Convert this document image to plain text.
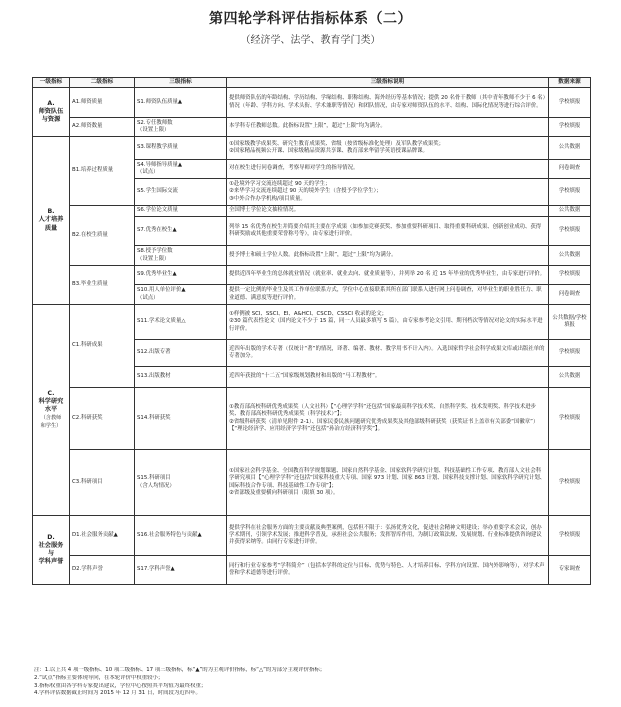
第四轮学科评估指标体系（二）
（经济学、法学、教育学门类）
一级指标	二级指标	三级指标	三级指标说明	数据来源
A.
师资队伍
与资源	A1.师资质量	S1.师资队伍质量▲	提供师资队伍的年龄结构、学历结构、学缘结构、职称结构、海外经历等基本情况；提供 20 名骨干教师（其中青年教师不少于 6 名）情况（年龄、学科方向、学术头衔、学术兼职等情况）和团队情况，由专家对师资队伍的水平、结构、国际化情况等进行综合评价。	学校填报
	A2.师资数量	S2.专任教师数
（设置上限）	本学科专任教师总数。此指标设置“上限”，超过“上限”均为满分。	学校填报
B.
人才培养
质量	B1.培养过程质量	S3.课程教学质量	①国家级教学成果奖、研究生教育成果奖、省级（按省级标准化处理）及军队教学成果奖；
②国家精品视频公开课、国家级精品资源共享课、教育部来华留学英语授课品牌课。	公共数据
		S4.导师指导质量▲
（试点）	对在校生进行问卷调查，考察导师对学生的指导情况。	问卷调查
		S5.学生国际交流	①赴境外学习交流连续超过 90 天的学生；
②来华学习交流连续超过 90 天的境外学生（含授予学位学生）；
③中外合作办学机构/项目质量。	学校填报
	B2.在校生质量	S6.学位论文质量	全国博士学位论文抽检情况。	公共数据
		S7.优秀在校生▲	列举 15 名优秀在校生并简要介绍其主要在学成果（如参加竞赛获奖、参加重要科研项目、取得重要科研成果、创新创业成功、获得科研奖励或其他重要荣誉称号等），由专家进行评价。	学校填报
		S8.授予学位数
（设置上限）	授予博士和硕士学位人数。此指标设置“上限”，超过“上限”均为满分。	公共数据
	B3.毕业生质量	S9.优秀毕业生▲	提供近四年毕业生的总体就业情况（就业率、就业去向、就业质量等），并列举 20 名 近 15 年毕业的优秀毕业生，由专家进行评价。	学校填报
		S10.用人单位评价▲
（试点）	提供一定比例的毕业生及其工作单位联系方式，学位中心直接联系其所在部门联系人进行网上问卷调查，对毕业生的职业胜任力、职业道德、满意度等进行评价。	问卷调查
C.
科学研究
水平
（含教师
和学生）	C1.科研成果	S11.学术论文质量△	①样例被 SCI、SSCI、EI、A&HCI、CSCD、CSSCI 收录的论文；
②30 篇代表性论文（国内论文不少于 15 篇，同一人员最多填写 5 篇），由专家参考论文引用、期刊档次等情况对论文的实际水平进行评价。	公共数据/学校填报
		S12.出版专著	近四年出版的学术专著（仅统计“著”的情况，译著、编著、教材、教学用书不计入内）。入选国家哲学社会科学成果文库或出版社单的专著加分。	学校填报
		S13.出版教材	近四年获批的“十二五”国家级规划教材和出版的“马工程教材”。	公共数据
	C2.科研获奖	S14.科研获奖	①教育部高校科研优秀成果奖（人文社科）【“心理学学科”还包括“国家最高科学技术奖、自然科学奖、技术发明奖、科学技术进步奖、教育部高校科研优秀成果奖（科学技术）”】；
②省级科研获奖（清单见附件 2-1）、国家民委民族问题研究优秀成果奖及其他部级科研获奖（获奖证书上盖章有关部委“国徽章”）【“理论经济学、应用经济学学科”还包括“孙冶方经济科学奖”】。	学校填报
	C3.科研项目	S15.科研项目
（含人均情况）	①国家社会科学基金、全国教育科学规划课题、国家自然科学基金、国家软科学研究计划、科技基础性工作专项、教育部人文社会科学研究项目【“心理学学科”还包括“国家科技重大专项、国家 973 计划、国家 863 计划、国家科技支撑计划、国家软科学研究计划、国际科技合作专项、科技基础性工作专项”】；
②省部级及重要横向科研项目（限填 30 项）。	学校填报
D.
社会服务
与
学科声誉	D1.社会服务贡献▲	S16.社会服务特色与贡献▲	提供学科在社会服务方面的主要贡献及典型案例，包括但不限于：弘扬优秀文化，促进社会精神文明建设；举办重要学术会议，创办学术期刊，引领学术发展；推进科学普及，承担社会公共服务；发挥智库作用，为制订政策法规、发展规划、行业标准提供咨询建议并获得采纳等。由同行专家进行评价。	学校填报
	D2.学科声誉	S17.学科声誉▲	同行和行业专家参考“学科简介”（包括本学科的定位与目标、优势与特色、人才培养目标、学科方向设置、国内外影响等），对学术声誉和学术道德等进行评价。	专家调查
注：1.以上共 4 项一级指标、10 项二级指标、17 项三级指标，标“▲”的为主观评价指标，标“△”的为部分主观评价指标；
2.“试点”指标主要体现导向，在本轮评价中权重较小；
3.指标权重由各学科专家提出建议，学位中心按照其平均值为最终权重；
4.学科评估数据截止时间为 2015 年 12 月 31 日，时间段为近四年。
